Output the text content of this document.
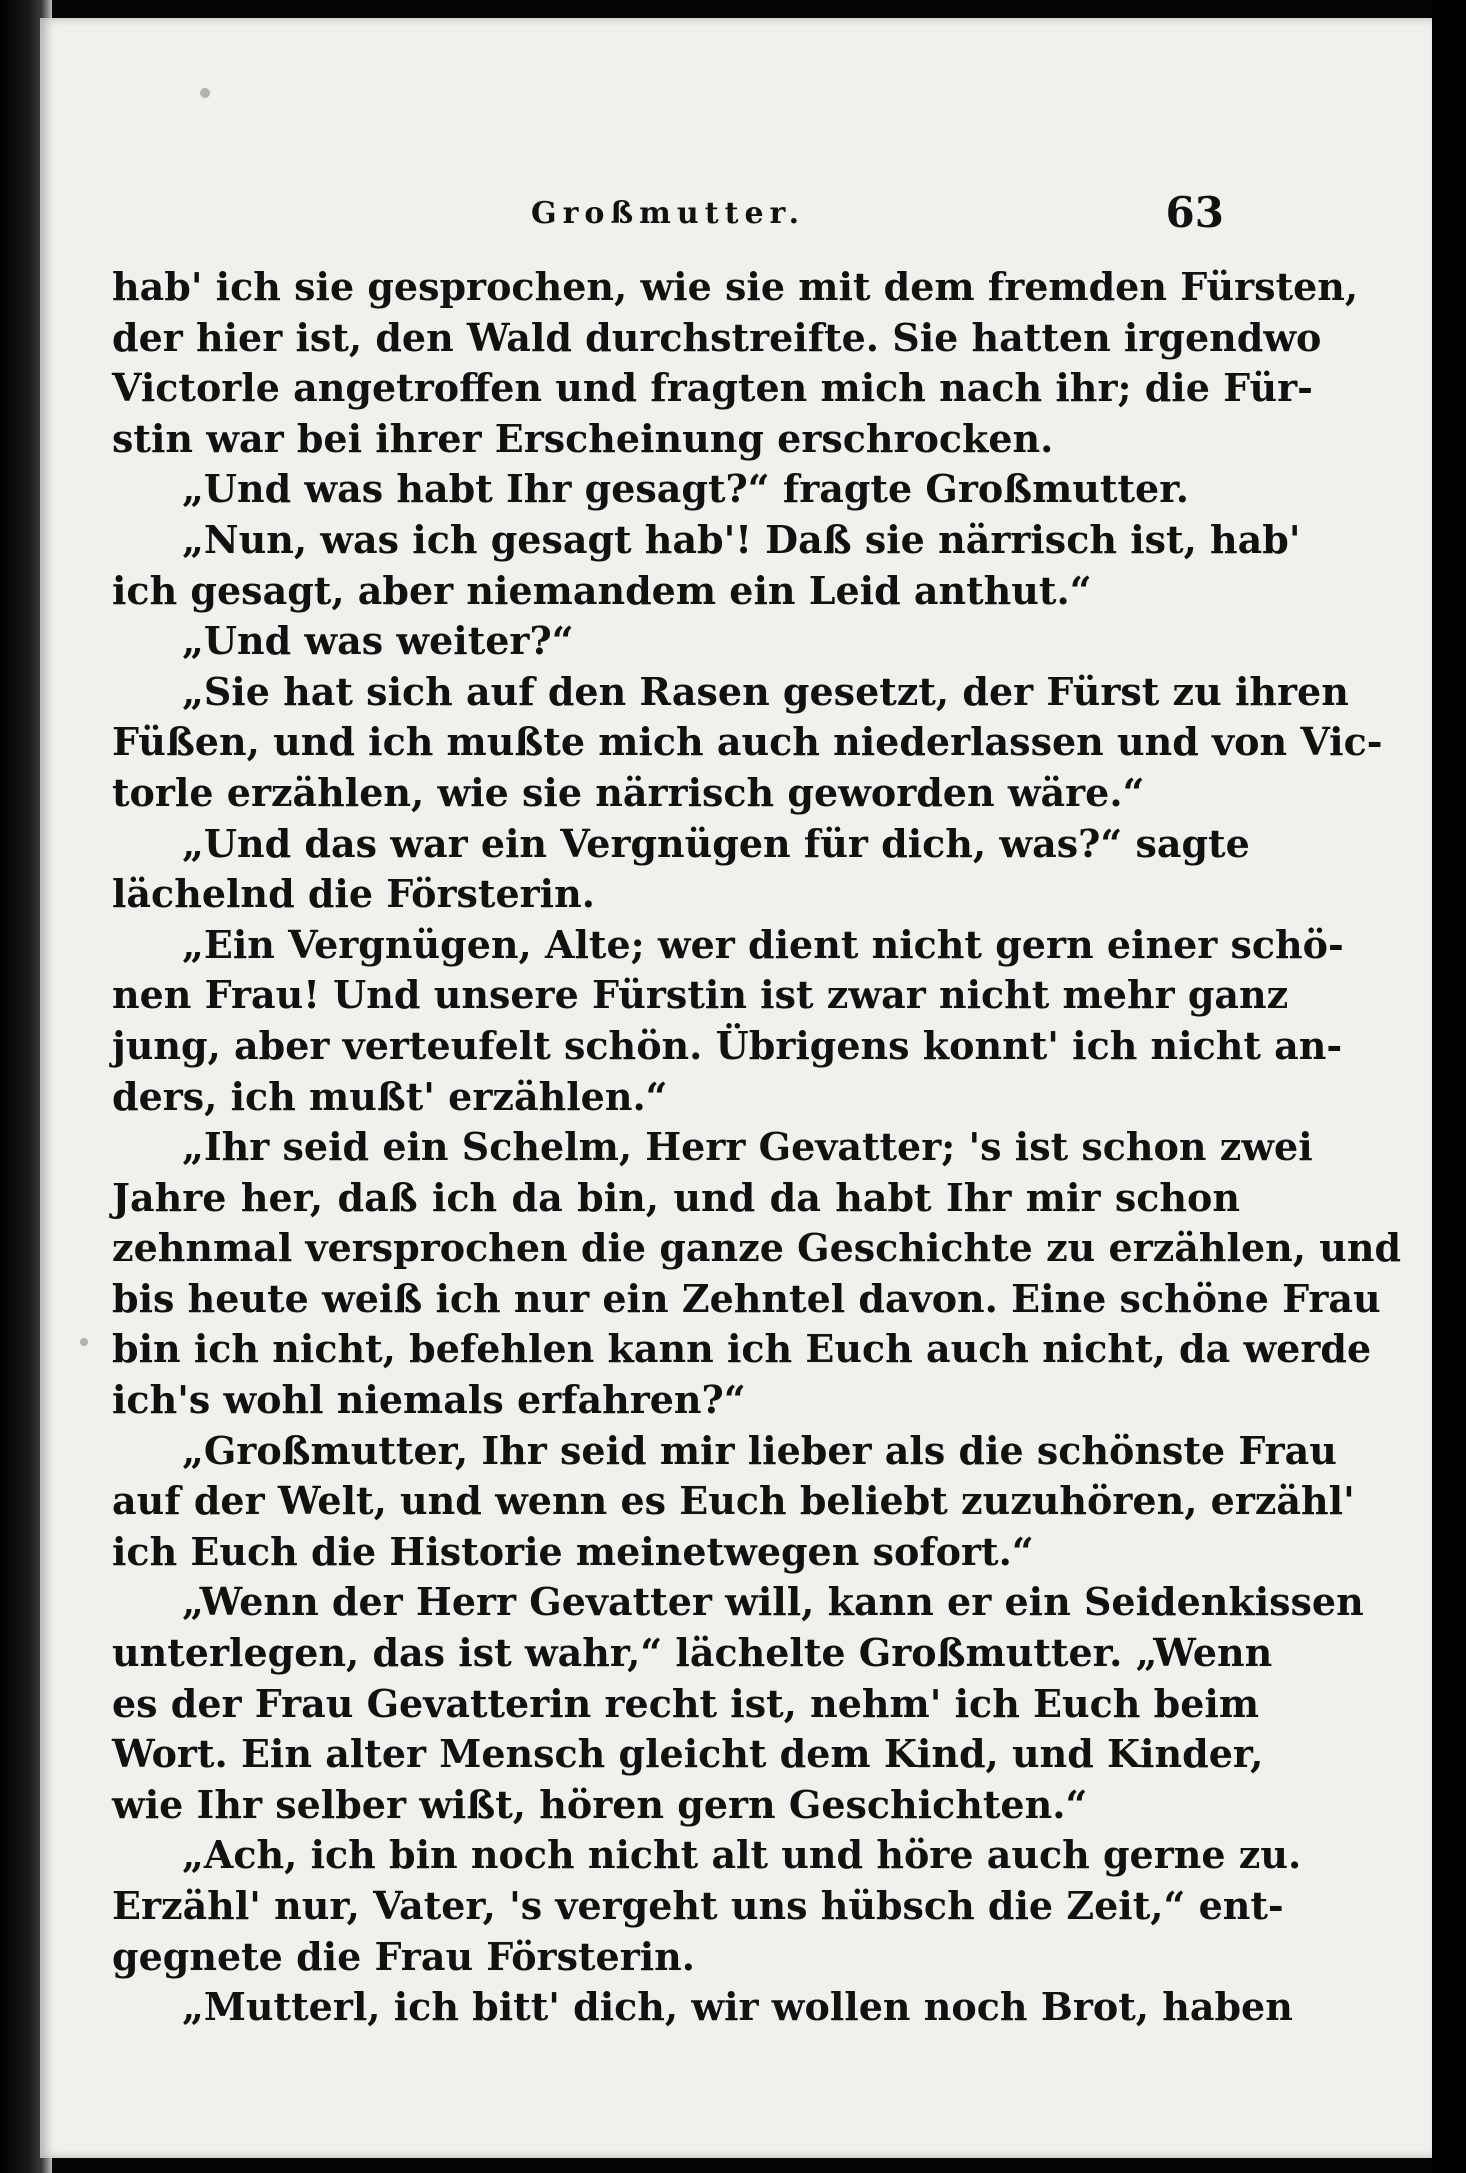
Großmutter.	63
hab' ich sie gesprochen, wie sie mit dem fremden Fürsten,
der hier ist, den Wald durchstreifte. Sie hatten irgendwo
Victorle angetroffen und fragten mich nach ihr; die Für-
stin war bei ihrer Erscheinung erschrocken.
„Und was habt Ihr gesagt?“ fragte Großmutter.
„Nun, was ich gesagt hab'! Daß sie närrisch ist, hab'
ich gesagt, aber niemandem ein Leid anthut.“
„Und was weiter?“
„Sie hat sich auf den Rasen gesetzt, der Fürst zu ihren
Füßen, und ich mußte mich auch niederlassen und von Vic-
torle erzählen, wie sie närrisch geworden wäre.“
„Und das war ein Vergnügen für dich, was?“ sagte
lächelnd die Försterin.
„Ein Vergnügen, Alte; wer dient nicht gern einer schö-
nen Frau! Und unsere Fürstin ist zwar nicht mehr ganz
jung, aber verteufelt schön. Übrigens konnt' ich nicht an-
ders, ich mußt' erzählen.“
„Ihr seid ein Schelm, Herr Gevatter; 's ist schon zwei
Jahre her, daß ich da bin, und da habt Ihr mir schon
zehnmal versprochen die ganze Geschichte zu erzählen, und
bis heute weiß ich nur ein Zehntel davon. Eine schöne Frau
bin ich nicht, befehlen kann ich Euch auch nicht, da werde
ich's wohl niemals erfahren?“
„Großmutter, Ihr seid mir lieber als die schönste Frau
auf der Welt, und wenn es Euch beliebt zuzuhören, erzähl'
ich Euch die Historie meinetwegen sofort.“
„Wenn der Herr Gevatter will, kann er ein Seidenkissen
unterlegen, das ist wahr,“ lächelte Großmutter. „Wenn
es der Frau Gevatterin recht ist, nehm' ich Euch beim
Wort. Ein alter Mensch gleicht dem Kind, und Kinder,
wie Ihr selber wißt, hören gern Geschichten.“
„Ach, ich bin noch nicht alt und höre auch gerne zu.
Erzähl' nur, Vater, 's vergeht uns hübsch die Zeit,“ ent-
gegnete die Frau Försterin.
„Mutterl, ich bitt' dich, wir wollen noch Brot, haben
